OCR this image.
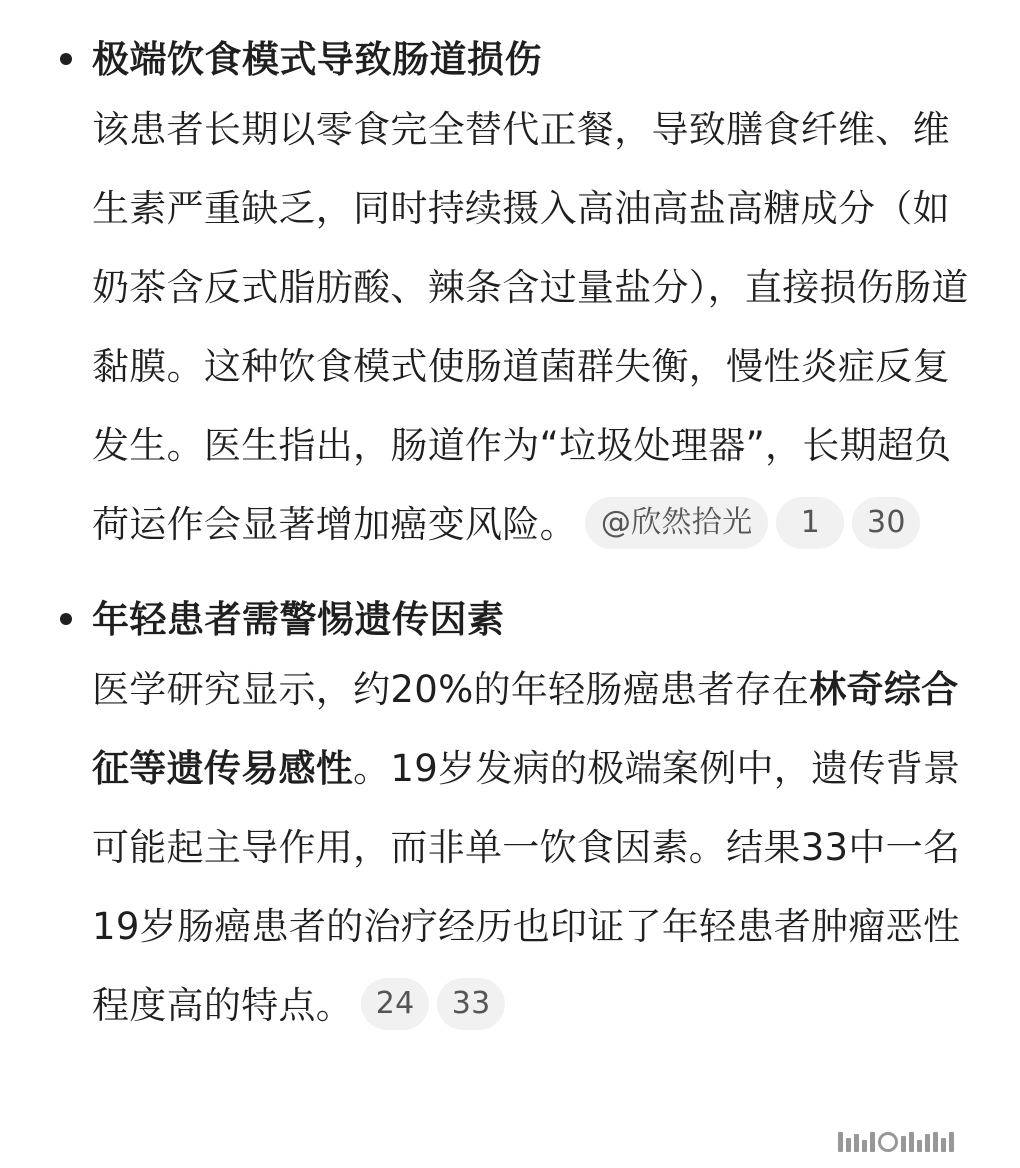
极端饮食模式导致肠道损伤

该患者长期以零食完全替代正餐，导致膳食纤维、维生素严重缺乏，同时持续摄入高油高盐高糖成分（如奶茶含反式脂肪酸、辣条含过量盐分），直接损伤肠道黏膜。这种饮食模式使肠道菌群失衡，慢性炎症反复发生。医生指出，肠道作为“垃圾处理器”，长期超负荷运作会显著增加癌变风险。 @欣然拾光 1 30

年轻患者需警惕遗传因素

医学研究显示，约20%的年轻肠癌患者存在林奇综合征等遗传易感性。19岁发病的极端案例中，遗传背景可能起主导作用，而非单一饮食因素。结果33中一名19岁肠癌患者的治疗经历也印证了年轻患者肿瘤恶性程度高的特点。 24 33
